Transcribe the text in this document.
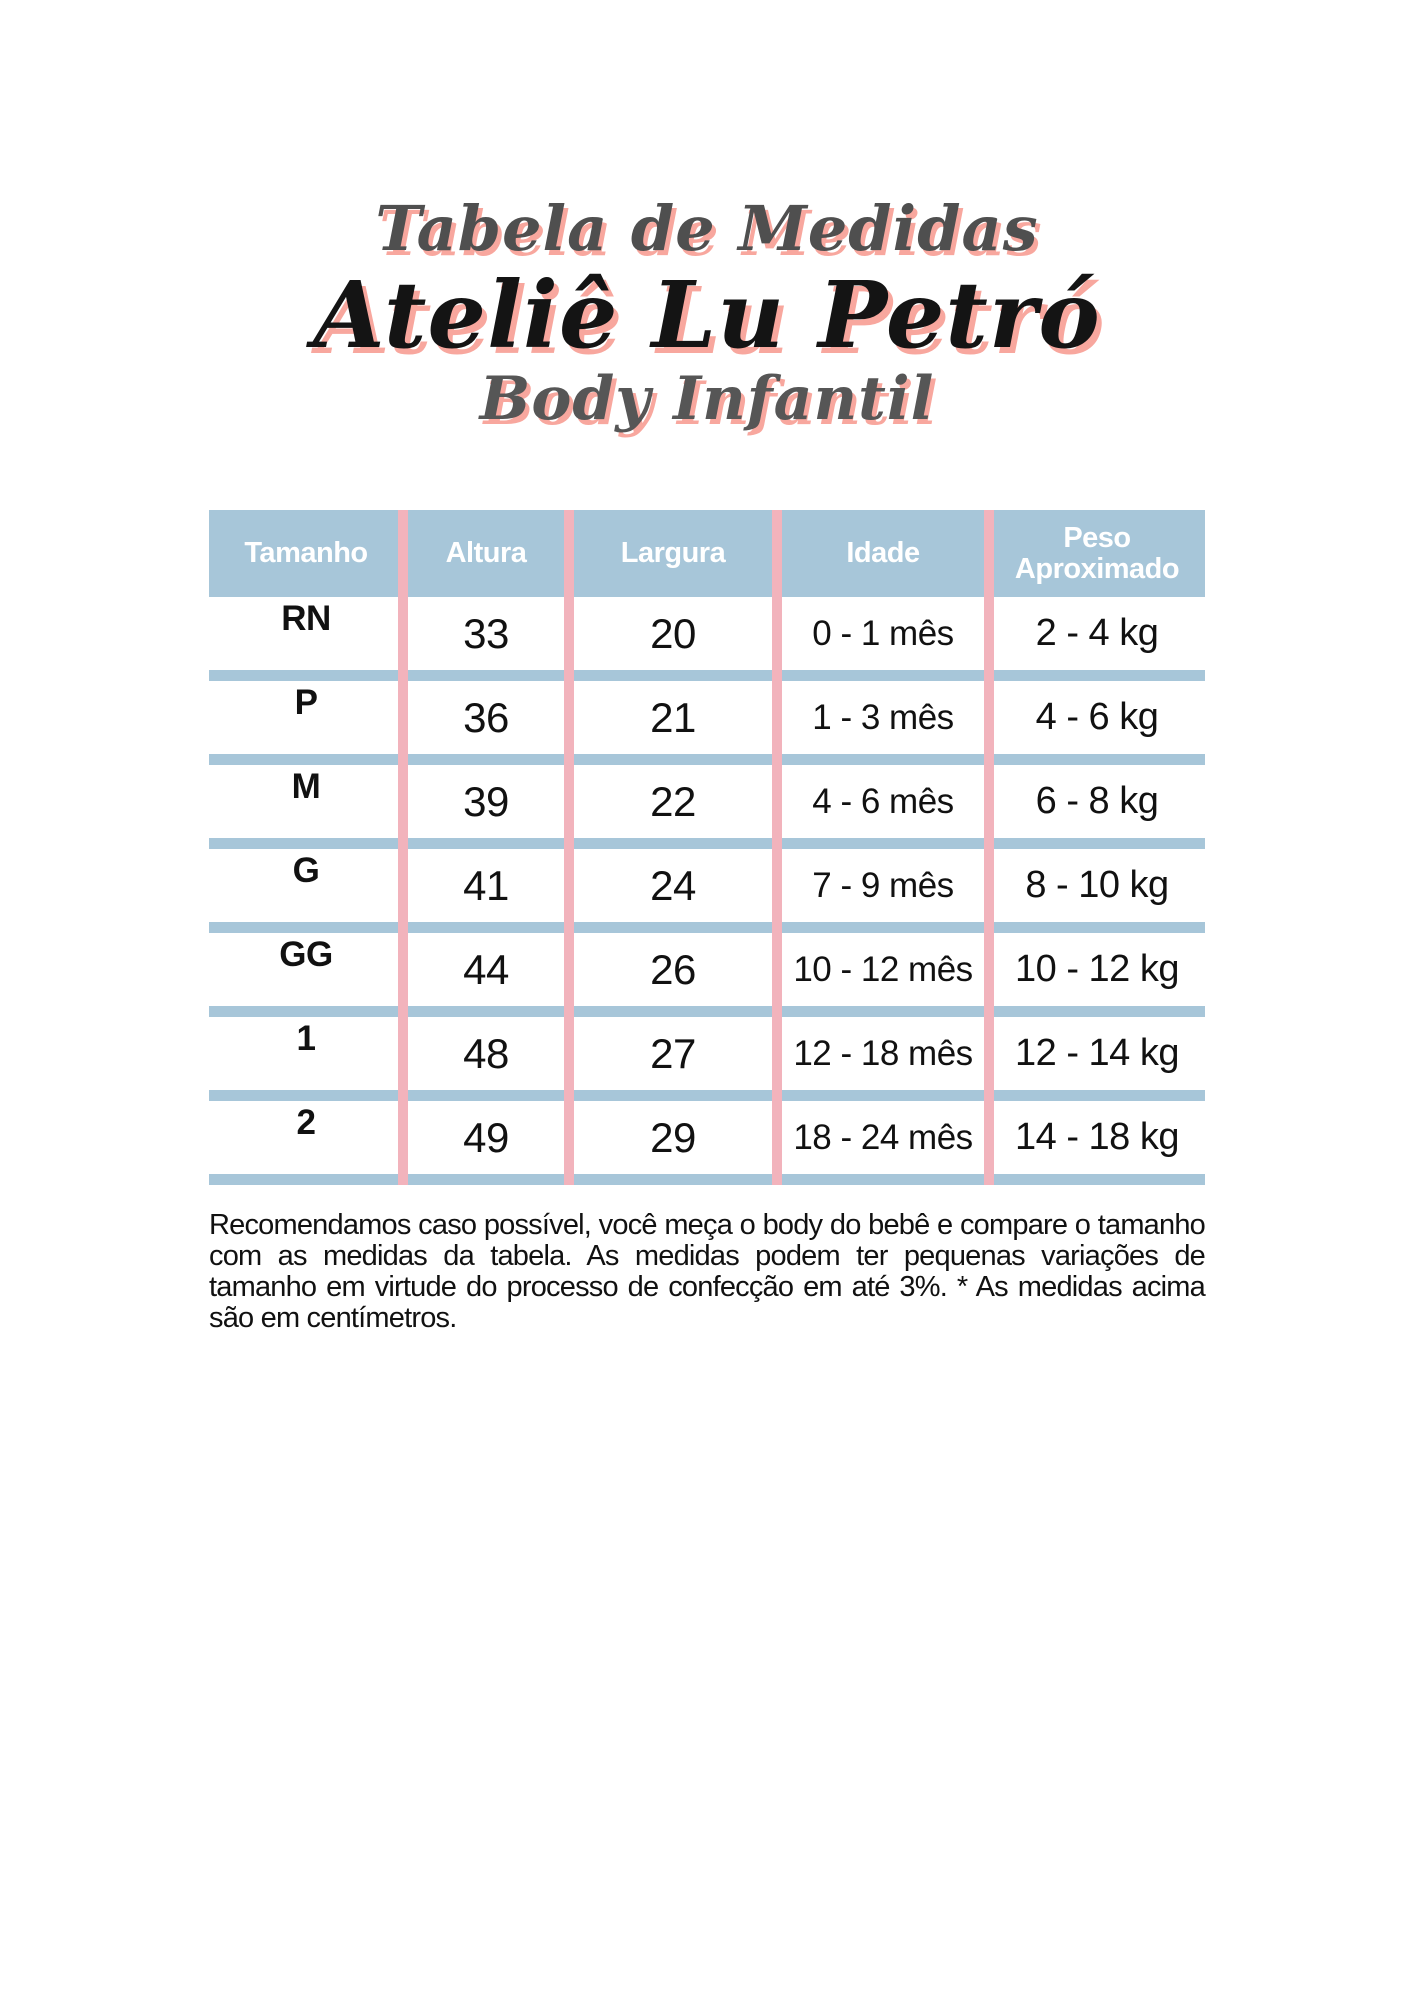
Tabela de Medidas
Ateliê Lu Petró
Body Infantil
Tamanho	Altura	Largura	Idade	Peso Aproximado
RN	33	20	0 - 1 mês	2 - 4 kg
P	36	21	1 - 3 mês	4 - 6 kg
M	39	22	4 - 6 mês	6 - 8 kg
G	41	24	7 - 9 mês	8 - 10 kg
GG	44	26	10 - 12 mês	10 - 12 kg
1	48	27	12 - 18 mês	12 - 14 kg
2	49	29	18 - 24 mês	14 - 18 kg

Recomendamos caso possível, você meça o body do bebê e compare o tamanho com as medidas da tabela. As medidas podem ter pequenas variações de tamanho em virtude do processo de confecção em até 3%. * As medidas acima são em centímetros.
